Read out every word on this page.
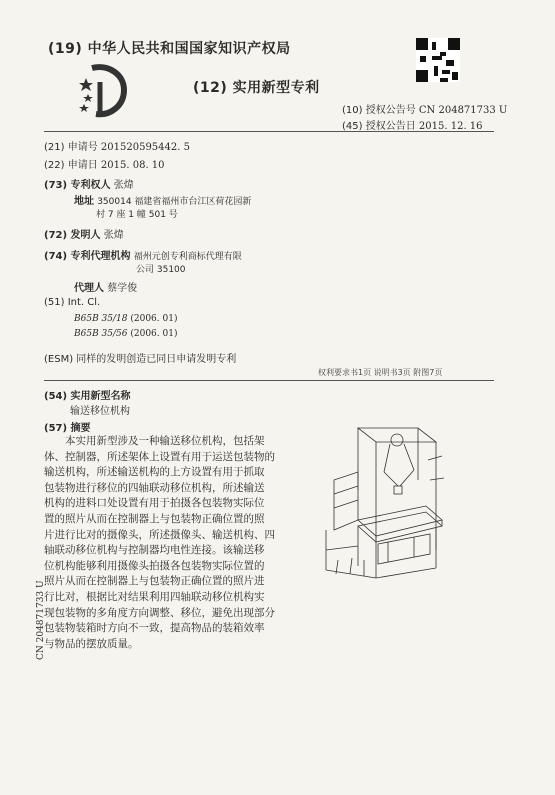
(19) 中华人民共和国国家知识产权局
(12) 实用新型专利
(10) 授权公告号 CN 204871733 U
(45) 授权公告日 2015. 12. 16
(21) 申请号 201520595442. 5
(22) 申请日 2015. 08. 10
(73) 专利权人 张煒
地址 350014 福建省福州市台江区荷花园新
村 7 座 1 幢 501 号
(72) 发明人 张煒
(74) 专利代理机构 福州元创专利商标代理有限
公司 35100
代理人 蔡学俊
(51) Int. Cl.
B65B 35/18 (2006. 01)
B65B 35/56 (2006. 01)
(ESM) 同样的发明创造已同日申请发明专利
权利要求书1页 说明书3页 附图7页
(54) 实用新型名称
输送移位机构
(57) 摘要
本实用新型涉及一种输送移位机构，包括架
体、控制器，所述架体上设置有用于运送包装物的
输送机构，所述输送机构的上方设置有用于抓取
包装物进行移位的四轴联动移位机构，所述输送
机构的进料口处设置有用于拍摄各包装物实际位
置的照片从而在控制器上与包装物正确位置的照
片进行比对的摄像头，所述摄像头、输送机构、四
轴联动移位机构与控制器均电性连接。该输送移
位机构能够利用摄像头拍摄各包装物实际位置的
照片从而在控制器上与包装物正确位置的照片进
行比对，根据比对结果利用四轴联动移位机构实
现包装物的多角度方向调整、移位，避免出现部分
包装物装箱时方向不一致，提高物品的装箱效率
与物品的摆放质量。
CN 204871733 U
